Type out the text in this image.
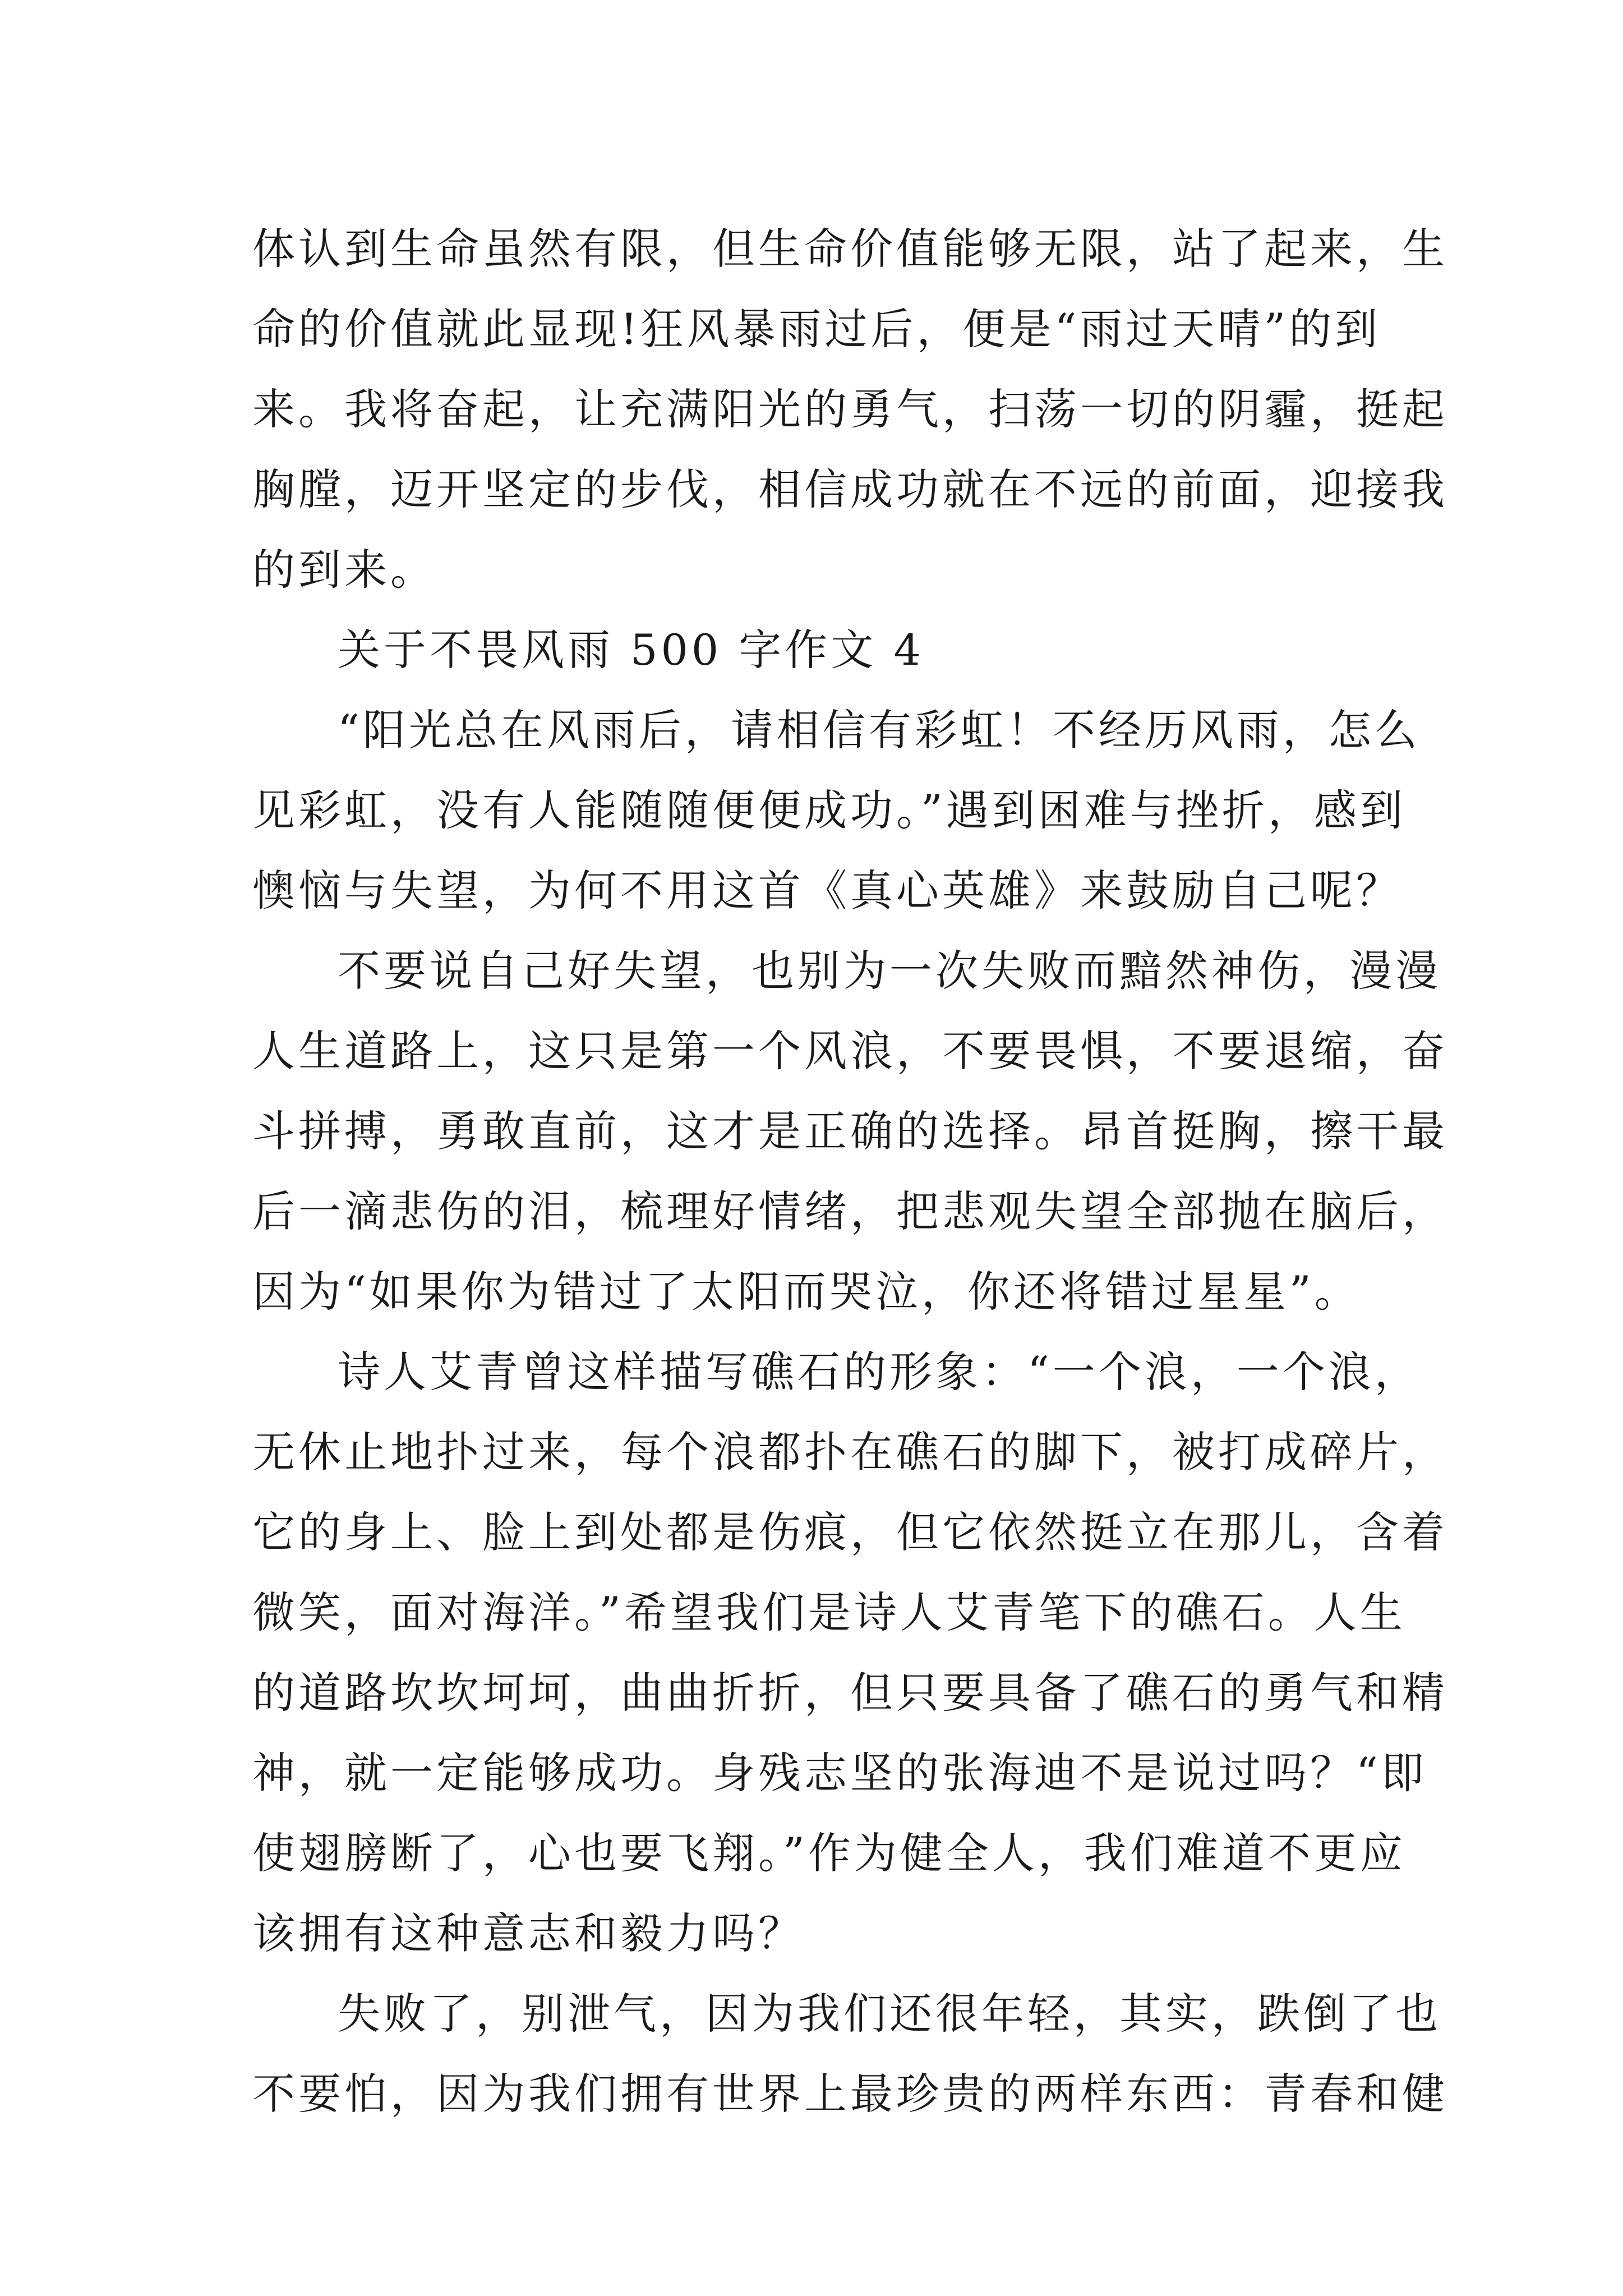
体认到生命虽然有限，但生命价值能够无限，站了起来，生
命的价值就此显现!狂风暴雨过后，便是“雨过天晴”的到
来。我将奋起，让充满阳光的勇气，扫荡一切的阴霾，挺起
胸膛，迈开坚定的步伐，相信成功就在不远的前面，迎接我
的到来。
关于不畏风雨 500 字作文 4
“阳光总在风雨后，请相信有彩虹！不经历风雨，怎么
见彩虹，没有人能随随便便成功。”遇到困难与挫折，感到
懊恼与失望，为何不用这首《真心英雄》来鼓励自己呢？
不要说自己好失望，也别为一次失败而黯然神伤，漫漫
人生道路上，这只是第一个风浪，不要畏惧，不要退缩，奋
斗拼搏，勇敢直前，这才是正确的选择。昂首挺胸，擦干最
后一滴悲伤的泪，梳理好情绪，把悲观失望全部抛在脑后，
因为“如果你为错过了太阳而哭泣，你还将错过星星”。
诗人艾青曾这样描写礁石的形象：“一个浪，一个浪，
无休止地扑过来，每个浪都扑在礁石的脚下，被打成碎片，
它的身上、脸上到处都是伤痕，但它依然挺立在那儿，含着
微笑，面对海洋。”希望我们是诗人艾青笔下的礁石。人生
的道路坎坎坷坷，曲曲折折，但只要具备了礁石的勇气和精
神，就一定能够成功。身残志坚的张海迪不是说过吗？“即
使翅膀断了，心也要飞翔。”作为健全人，我们难道不更应
该拥有这种意志和毅力吗？
失败了，别泄气，因为我们还很年轻，其实，跌倒了也
不要怕，因为我们拥有世界上最珍贵的两样东西：青春和健
